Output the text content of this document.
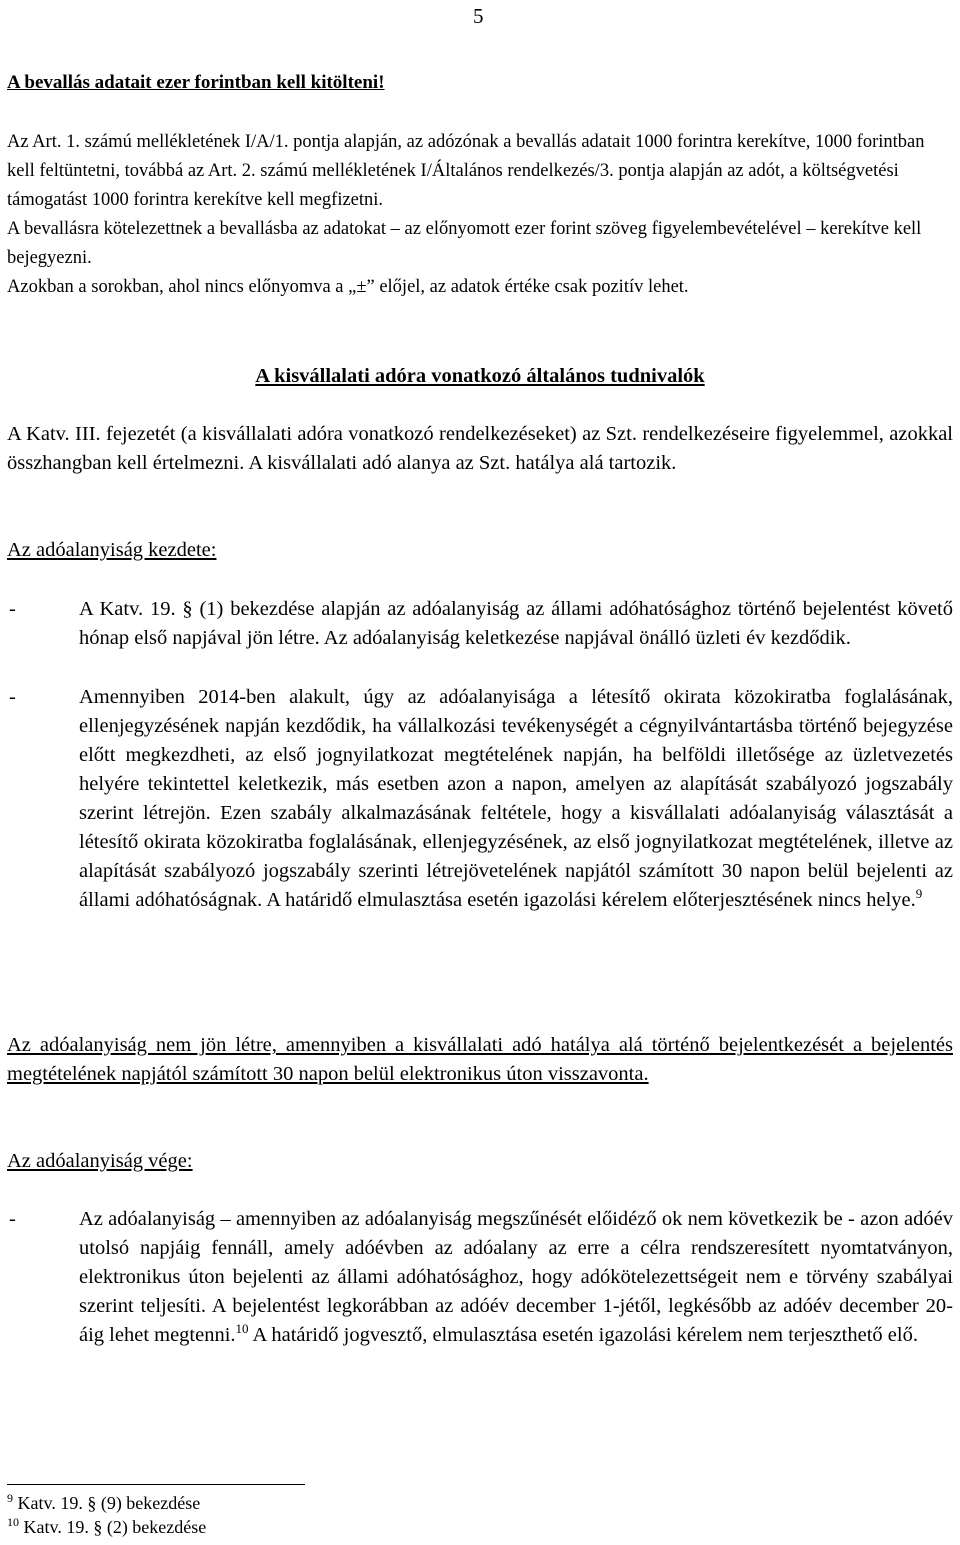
5
A bevallás adatait ezer forintban kell kitölteni!

Az Art. 1. számú mellékletének I/A/1. pontja alapján, az adózónak a bevallás adatait 1000 forintra kerekítve, 1000 forintban kell feltüntetni, továbbá az Art. 2. számú mellékletének I/Általános rendelkezés/3. pontja alapján az adót, a költségvetési támogatást 1000 forintra kerekítve kell megfizetni.

A bevallásra kötelezettnek a bevallásba az adatokat – az előnyomott ezer forint szöveg figyelembevételével – kerekítve kell bejegyezni.

Azokban a sorokban, ahol nincs előnyomva a „±” előjel, az adatok értéke csak pozitív lehet.

A kisvállalati adóra vonatkozó általános tudnivalók
A Katv. III. fejezetét (a kisvállalati adóra vonatkozó rendelkezéseket) az Szt. rendelkezéseire figyelemmel, azokkal összhangban kell értelmezni. A kisvállalati adó alanya az Szt. hatálya alá tartozik.
Az adóalanyiság kezdete:
-	A Katv. 19. § (1) bekezdése alapján az adóalanyiság az állami adóhatósághoz történő bejelentést követő hónap első napjával jön létre. Az adóalanyiság keletkezése napjával önálló üzleti év kezdődik.
-	Amennyiben 2014-ben alakult, úgy az adóalanyisága a létesítő okirata közokiratba foglalásának, ellenjegyzésének napján kezdődik, ha vállalkozási tevékenységét a cégnyilvántartásba történő bejegyzése előtt megkezdheti, az első jognyilatkozat megtételének napján, ha belföldi illetősége az üzletvezetés helyére tekintettel keletkezik, más esetben azon a napon, amelyen az alapítását szabályozó jogszabály szerint létrejön. Ezen szabály alkalmazásának feltétele, hogy a kisvállalati adóalanyiság választását a létesítő okirata közokiratba foglalásának, ellenjegyzésének, az első jognyilatkozat megtételének, illetve az alapítását szabályozó jogszabály szerinti létrejövetelének napjától számított 30 napon belül bejelenti az állami adóhatóságnak. A határidő elmulasztása esetén igazolási kérelem előterjesztésének nincs helye.$^9$
Az adóalanyiság nem jön létre, amennyiben a kisvállalati adó hatálya alá történő bejelentkezését a bejelentés megtételének napjától számított 30 napon belül elektronikus úton visszavonta.
Az adóalanyiság vége:
-	Az adóalanyiság – amennyiben az adóalanyiság megszűnését előidéző ok nem következik be - azon adóév utolsó napjáig fennáll, amely adóévben az adóalany az erre a célra rendszeresített nyomtatványon, elektronikus úton bejelenti az állami adóhatósághoz, hogy adókötelezettségeit nem e törvény szabályai szerint teljesíti. A bejelentést legkorábban az adóév december 1-jétől, legkésőbb az adóév december 20-áig lehet megtenni.$^{10}$ A határidő jogvesztő, elmulasztása esetén igazolási kérelem nem terjeszthető elő.
$^9$ Katv. 19. § (9) bekezdése
$^{10}$ Katv. 19. § (2) bekezdése
